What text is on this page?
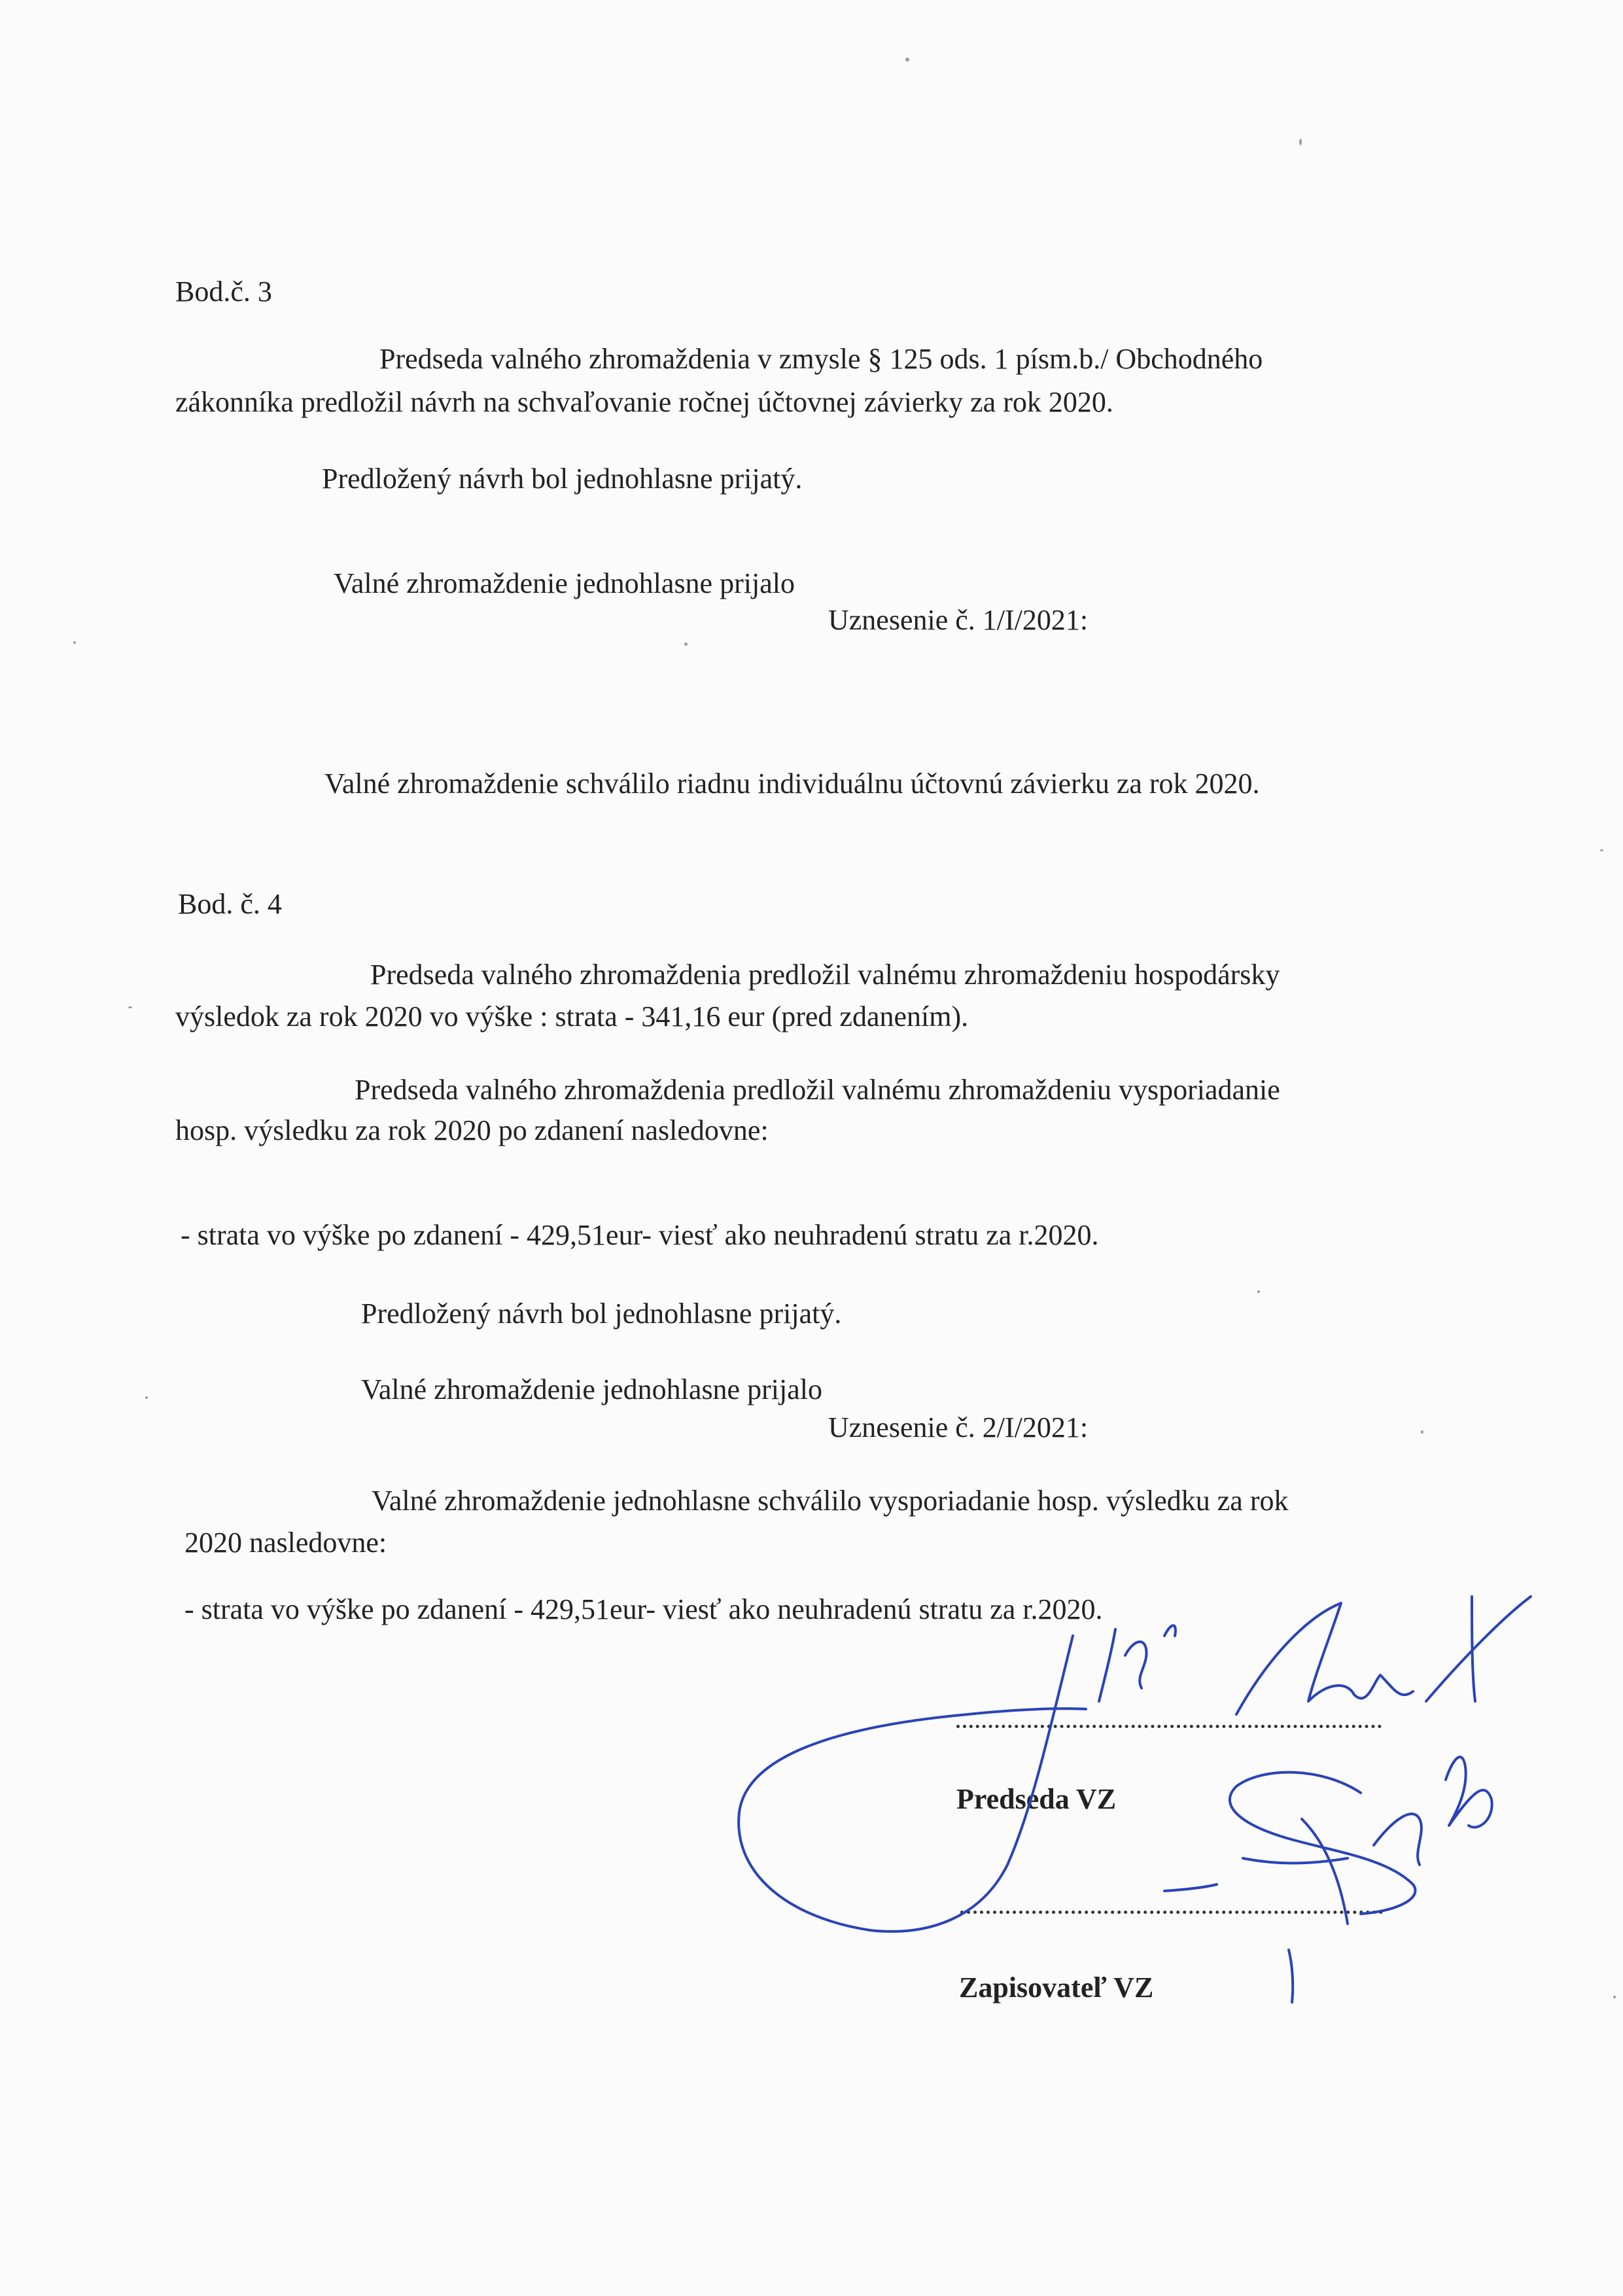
Bod.č. 3

Predseda valného zhromaždenia v zmysle § 125 ods. 1 písm.b./ Obchodného

zákonníka predložil návrh na schvaľovanie ročnej účtovnej závierky za rok 2020.

Predložený návrh bol jednohlasne prijatý.

Valné zhromaždenie jednohlasne prijalo

Uznesenie č. 1/I/2021:

Valné zhromaždenie schválilo riadnu individuálnu účtovnú závierku za rok 2020.

Bod. č. 4

Predseda valného zhromaždenia predložil valnému zhromaždeniu hospodársky

výsledok za rok 2020 vo výške : strata - 341,16 eur (pred zdanením).

Predseda valného zhromaždenia predložil valnému zhromaždeniu vysporiadanie

hosp. výsledku za rok 2020 po zdanení nasledovne:

- strata vo výške po zdanení - 429,51eur- viesť ako neuhradenú stratu za r.2020.

Predložený návrh bol jednohlasne prijatý.

Valné zhromaždenie jednohlasne prijalo

Uznesenie č. 2/I/2021:

Valné zhromaždenie jednohlasne schválilo vysporiadanie hosp. výsledku za rok

2020 nasledovne:

- strata vo výške po zdanení - 429,51eur- viesť ako neuhradenú stratu za r.2020.

Predseda VZ

Zapisovateľ VZ
